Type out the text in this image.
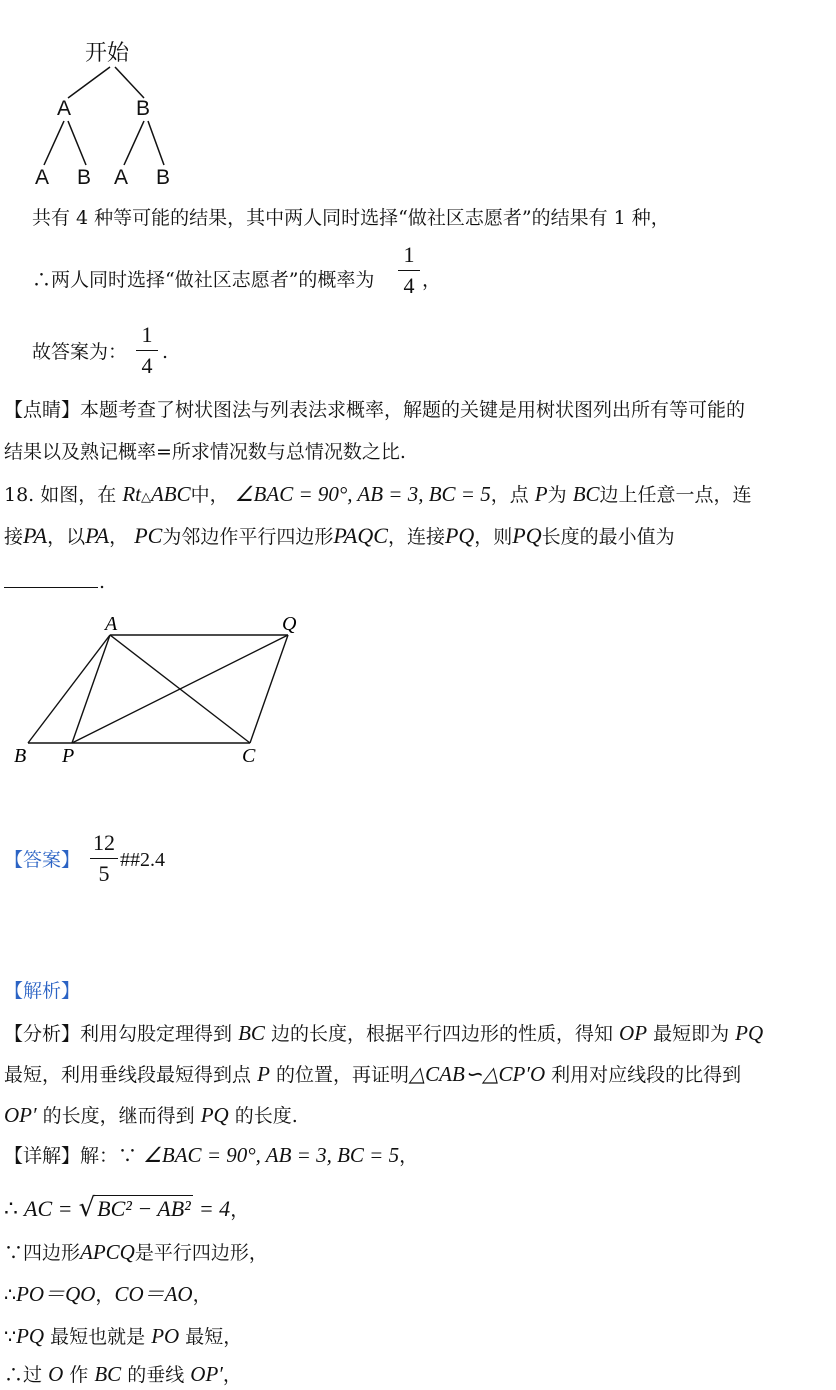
开始
A	B
A B A B
共有 4 种等可能的结果，其中两人同时选择“做社区志愿者”的结果有 1 种，
∴两人同时选择“做社区志愿者”的概率为
1
4 ，
故答案为：
1
4
.
【点睛】本题考查了树状图法与列表法求概率，解题的关键是用树状图列出所有等可能的
结果以及熟记概率=所求情况数与总情况数之比.
18. 如图，在 Rt△ABC中， ∠BAC = 90°, AB = 3, BC = 5，点 P为 BC边上任意一点，连
接PA，以PA， PC为邻边作平行四边形PAQC，连接PQ，则PQ长度的最小值为
.
A	Q
B P	C
【答案】
12
5
##2.4
【解析】
【分析】利用勾股定理得到 BC 边的长度，根据平行四边形的性质，得知 OP 最短即为 PQ
最短，利用垂线段最短得到点 P 的位置，再证明△CAB∽△CP′O 利用对应线段的比得到
OP′ 的长度，继而得到 PQ 的长度.
【详解】解：∵ ∠BAC = 90°, AB = 3, BC = 5，
∴ AC = √BC² − AB² = 4，
∵四边形APCQ是平行四边形，
∴PO＝QO，CO＝AO，
∵PQ 最短也就是 PO 最短，
∴过 O 作 BC 的垂线 OP′，
